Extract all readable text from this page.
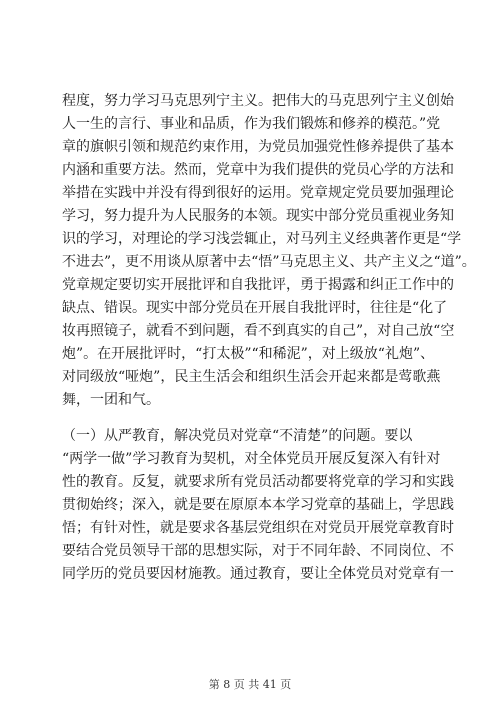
程度，努力学习马克思列宁主义。把伟大的马克思列宁主义创始
人一生的言行、事业和品质，作为我们锻炼和修养的模范。”党
章的旗帜引领和规范约束作用，为党员加强党性修养提供了基本
内涵和重要方法。然而，党章中为我们提供的党员心学的方法和
举措在实践中并没有得到很好的运用。党章规定党员要加强理论
学习，努力提升为人民服务的本领。现实中部分党员重视业务知
识的学习，对理论的学习浅尝辄止，对马列主义经典著作更是“学
不进去”，更不用谈从原著中去“悟”马克思主义、共产主义之“道”。
党章规定要切实开展批评和自我批评，勇于揭露和纠正工作中的
缺点、错误。现实中部分党员在开展自我批评时，往往是“化了
妆再照镜子，就看不到问题，看不到真实的自己”，对自己放“空
炮”。在开展批评时，“打太极”“和稀泥”，对上级放“礼炮”、
对同级放“哑炮”，民主生活会和组织生活会开起来都是莺歌燕
舞，一团和气。
（一）从严教育，解决党员对党章“不清楚”的问题。要以
“两学一做”学习教育为契机，对全体党员开展反复深入有针对
性的教育。反复，就要求所有党员活动都要将党章的学习和实践
贯彻始终；深入，就是要在原原本本学习党章的基础上，学思践
悟；有针对性，就是要求各基层党组织在对党员开展党章教育时
要结合党员领导干部的思想实际，对于不同年龄、不同岗位、不
同学历的党员要因材施教。通过教育，要让全体党员对党章有一
第 8 页 共 41 页
